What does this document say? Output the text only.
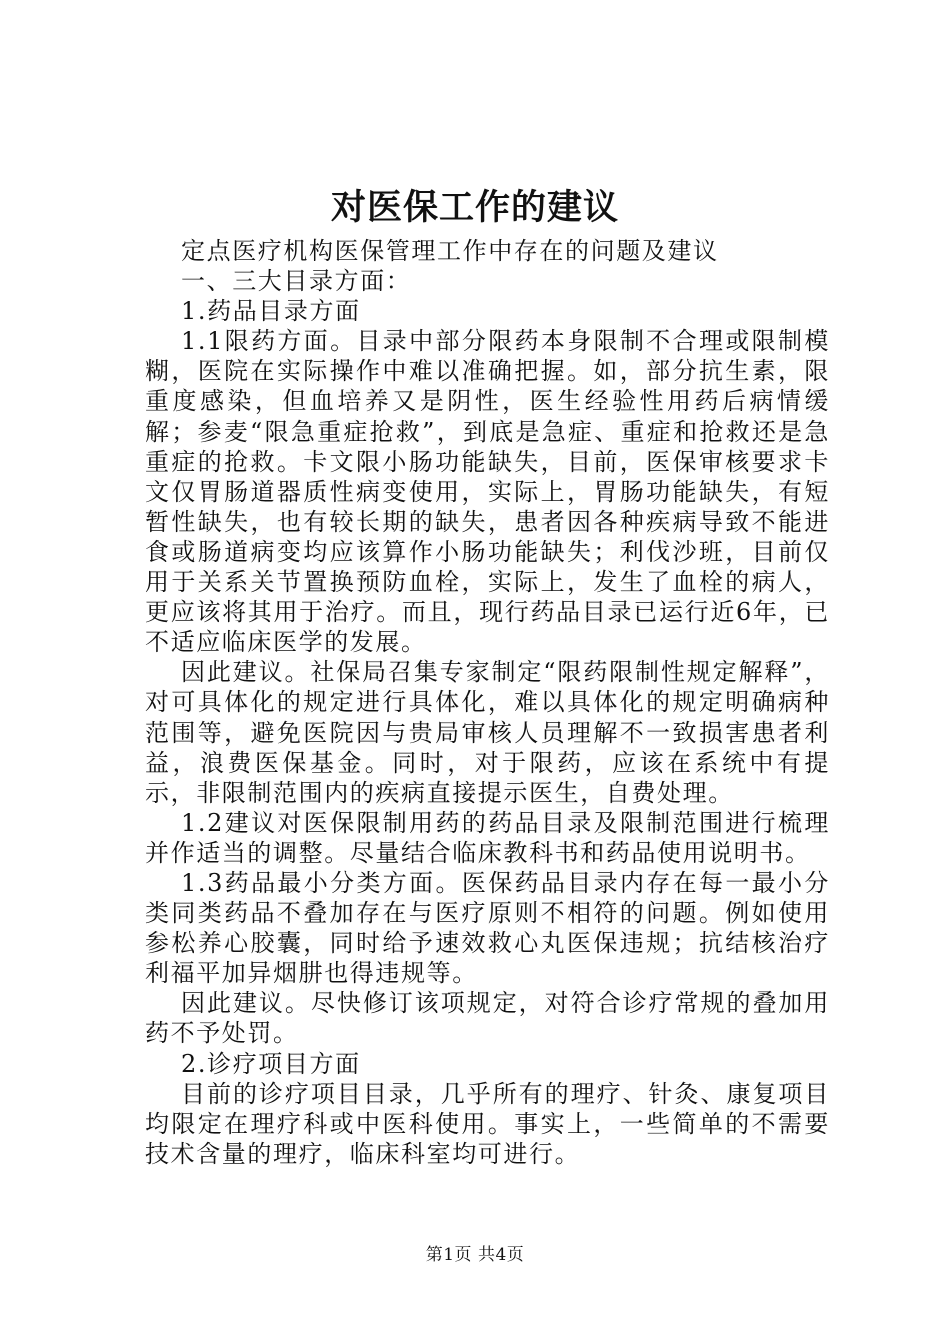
对医保工作的建议

定点医疗机构医保管理工作中存在的问题及建议

一、三大目录方面：

1.药品目录方面

1.1限药方面。目录中部分限药本身限制不合理或限制模糊，医院在实际操作中难以准确把握。如，部分抗生素，限重度感染，但血培养又是阴性，医生经验性用药后病情缓解；参麦“限急重症抢救”，到底是急症、重症和抢救还是急重症的抢救。卡文限小肠功能缺失，目前，医保审核要求卡文仅胃肠道器质性病变使用，实际上，胃肠功能缺失，有短暂性缺失，也有较长期的缺失，患者因各种疾病导致不能进食或肠道病变均应该算作小肠功能缺失；利伐沙班，目前仅用于关系关节置换预防血栓，实际上，发生了血栓的病人，更应该将其用于治疗。而且，现行药品目录已运行近6年，已不适应临床医学的发展。

因此建议。社保局召集专家制定“限药限制性规定解释”，对可具体化的规定进行具体化，难以具体化的规定明确病种范围等，避免医院因与贵局审核人员理解不一致损害患者利益，浪费医保基金。同时，对于限药，应该在系统中有提示，非限制范围内的疾病直接提示医生，自费处理。

1.2建议对医保限制用药的药品目录及限制范围进行梳理并作适当的调整。尽量结合临床教科书和药品使用说明书。

1.3药品最小分类方面。医保药品目录内存在每一最小分类同类药品不叠加存在与医疗原则不相符的问题。例如使用参松养心胶囊，同时给予速效救心丸医保违规；抗结核治疗利福平加异烟肼也得违规等。

因此建议。尽快修订该项规定，对符合诊疗常规的叠加用药不予处罚。

2.诊疗项目方面

目前的诊疗项目目录，几乎所有的理疗、针灸、康复项目均限定在理疗科或中医科使用。事实上，一些简单的不需要技术含量的理疗，临床科室均可进行。

第1页 共4页
